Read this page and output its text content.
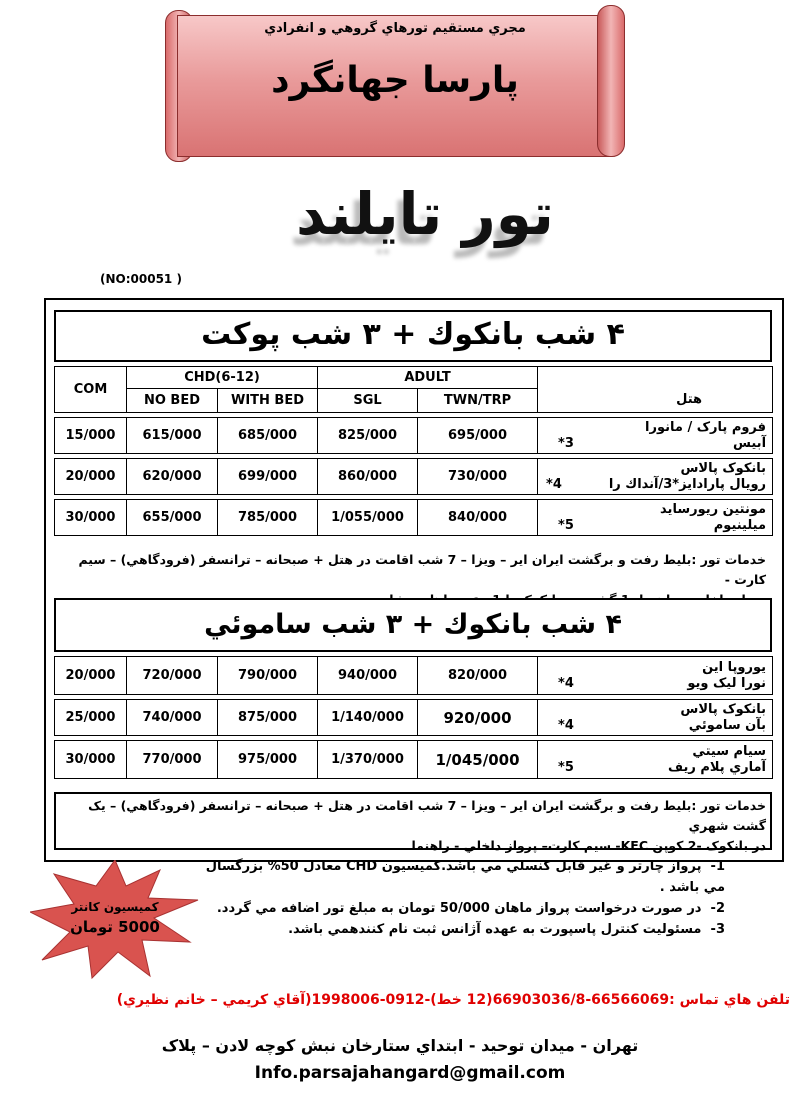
مجري مستقيم تورهاي گروهي و انفرادي
پارسا جهانگرد
تور تايلند
(NO:00051 )
۴ شب بانكوك + ۳ شب پوكت
COM	CHD(6-12)		ADULT		هتل
	NO BED	WITH BED	SGL	TWN/TRP	

15/000	615/000	685/000	825/000	695/000	فروم پارک / مانورا
آبيس
3*

20/000	620/000	699/000	860/000	730/000	بانكوک پالاس
رويال پارادايز*3/آنداك را
4*

30/000	655/000	785/000	1/055/000	840/000	مونتين ريورسايد
ميلينيوم
5*
خدمات تور :بليط رفت و برگشت ايران اير – ويزا – 7 شب اقامت در هتل + صبحانه – ترانسفر (فرودگاهي) – سيم كارت -
۴ شب بانكوك + ۳ شب ساموئي
20/000	720/000	790/000	940/000	820/000	يوروپا این
نورا ليک ويو
4*

25/000	740/000	875/000	1/140/000	920/000	بانكوک پالاس
بآن ساموئي
4*

30/000	770/000	975/000	1/370/000	1/045/000	سيام سيتي
آماري پلام ريف
5*
خدمات تور :بليط رفت و برگشت ايران اير – ويزا – 7 شب اقامت در هتل + صبحانه – ترانسفر (فرودگاهي) – يک گشت شهري
در بانكوک -2 كوپن KFC- سيم كارت– پرواز داخلي - راهنما
1-  پرواز چارتر و غير قابل كنسلي مي باشد.كميسيون CHD معادل 50% بزرگسال مي باشد .
2-  در صورت درخواست پرواز ماهان 50/000 تومان به مبلغ تور اضافه مي گردد.
3-  مسئوليت كنترل پاسپورت به عهده آژانس ثبت نام كنندهمي باشد.
كميسيون كانتر
5000 تومان
تلفن هاي تماس :66566069-66903036/8(12 خط)-0912-1998006(آقاي كريمي – خانم نظيري)
تهران - ميدان توحيد - ابتداي ستارخان نبش كوچه لادن – پلاک
Info.parsajahangard@gmail.com
